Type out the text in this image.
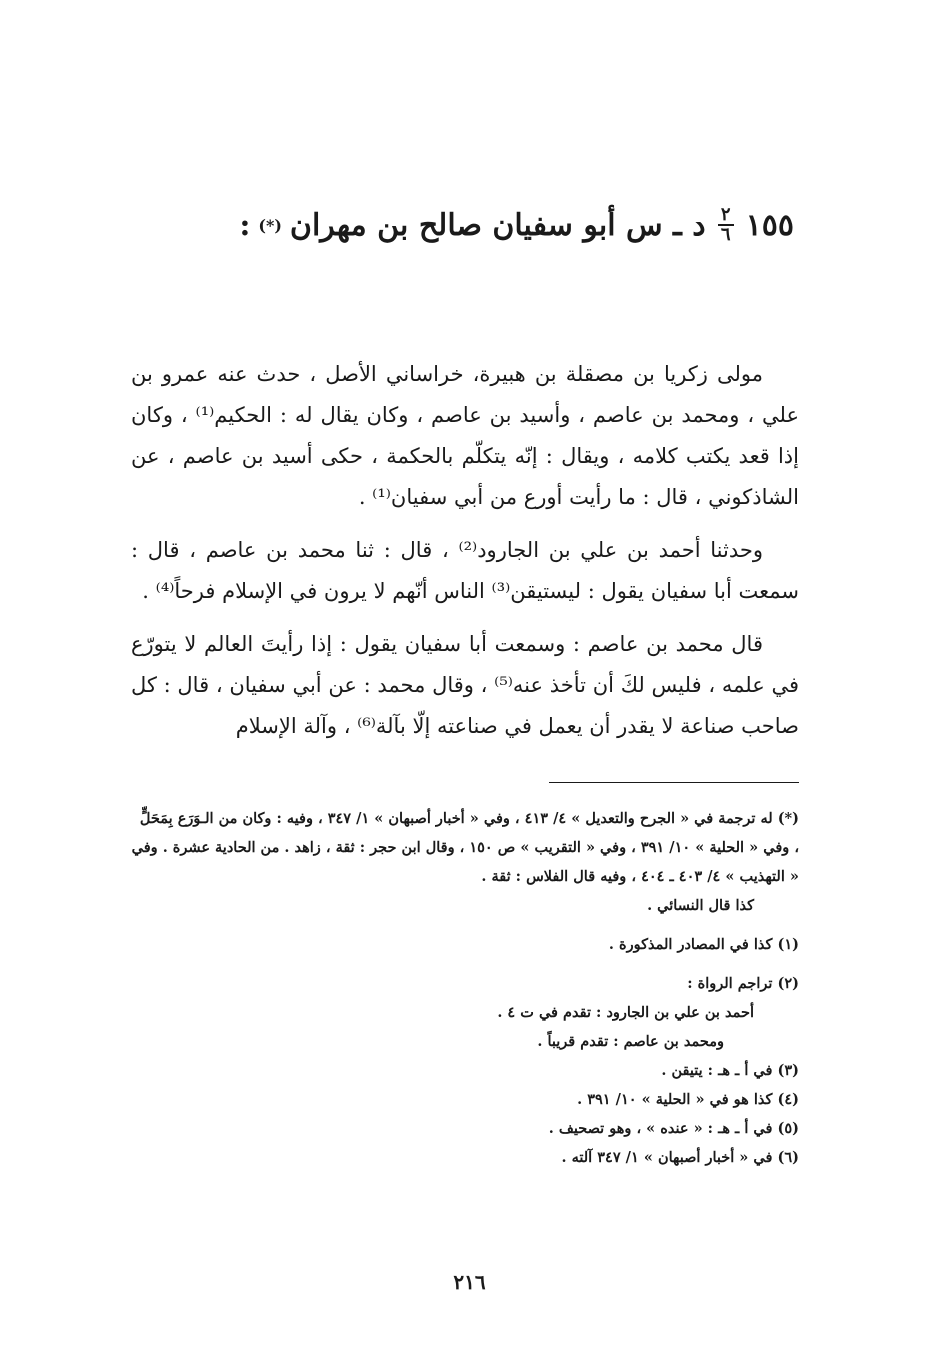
١٥٥
$\frac{٢}{٦}$
د ـ س أبو سفيان صالح بن مهران
(*)
:

مولى زكريا بن مصقلة بن هبيرة، خراساني الأصل ، حدث عنه عمرو بن علي ، ومحمد بن عاصم ، وأسيد بن عاصم ، وكان يقال له : الحكيم⁽¹⁾ ، وكان إذا قعد يكتب كلامه ، ويقال : إنّه يتكلّم بالحكمة ، حكى أسيد بن عاصم ، عن الشاذكوني ، قال : ما رأيت أورع من أبي سفيان⁽¹⁾ .

وحدثنا أحمد بن علي بن الجارود⁽²⁾ ، قال : ثنا محمد بن عاصم ، قال : سمعت أبا سفيان يقول : ليستيقن⁽³⁾ الناس أنّهم لا يرون في الإسلام فرحاً⁽⁴⁾ .

قال محمد بن عاصم : وسمعت أبا سفيان يقول : إذا رأيتَ العالم لا يتورّع في علمه ، فليس لكَ أن تأخذ عنه⁽⁵⁾ ، وقال محمد : عن أبي سفيان ، قال : كل صاحب صناعة لا يقدر أن يعمل في صناعته إلّا بآلة⁽⁶⁾ ، وآلة الإسلام

(*) له ترجمة في « الجرح والتعديل » ٤/ ٤١٣ ، وفي « أخبار أصبهان » ١/ ٣٤٧ ، وفيه : وكان من الـوَرَع بِمَحَلٍّ ، وفي « الحلية » ١٠/ ٣٩١ ، وفي « التقريب » ص ١٥٠ ، وقال ابن حجر : ثقة ، زاهد . من الحادية عشرة . وفي « التهذيب » ٤/ ٤٠٣ ـ ٤٠٤ ، وفيه قال الفلاس : ثقة .

كذا قال النسائي .

(١) كذا في المصادر المذكورة .

(٢) تراجم الرواة :

أحمد بن علي بن الجارود : تقدم في ت ٤ .

ومحمد بن عاصم : تقدم قريباً .

(٣) في أ ـ هـ : يتيقن .

(٤) كذا هو في « الحلية » ١٠/ ٣٩١ .

(٥) في أ ـ هـ : « عنده » ، وهو تصحيف .

(٦) في « أخبار أصبهان » ١/ ٣٤٧ آلته .

٢١٦
